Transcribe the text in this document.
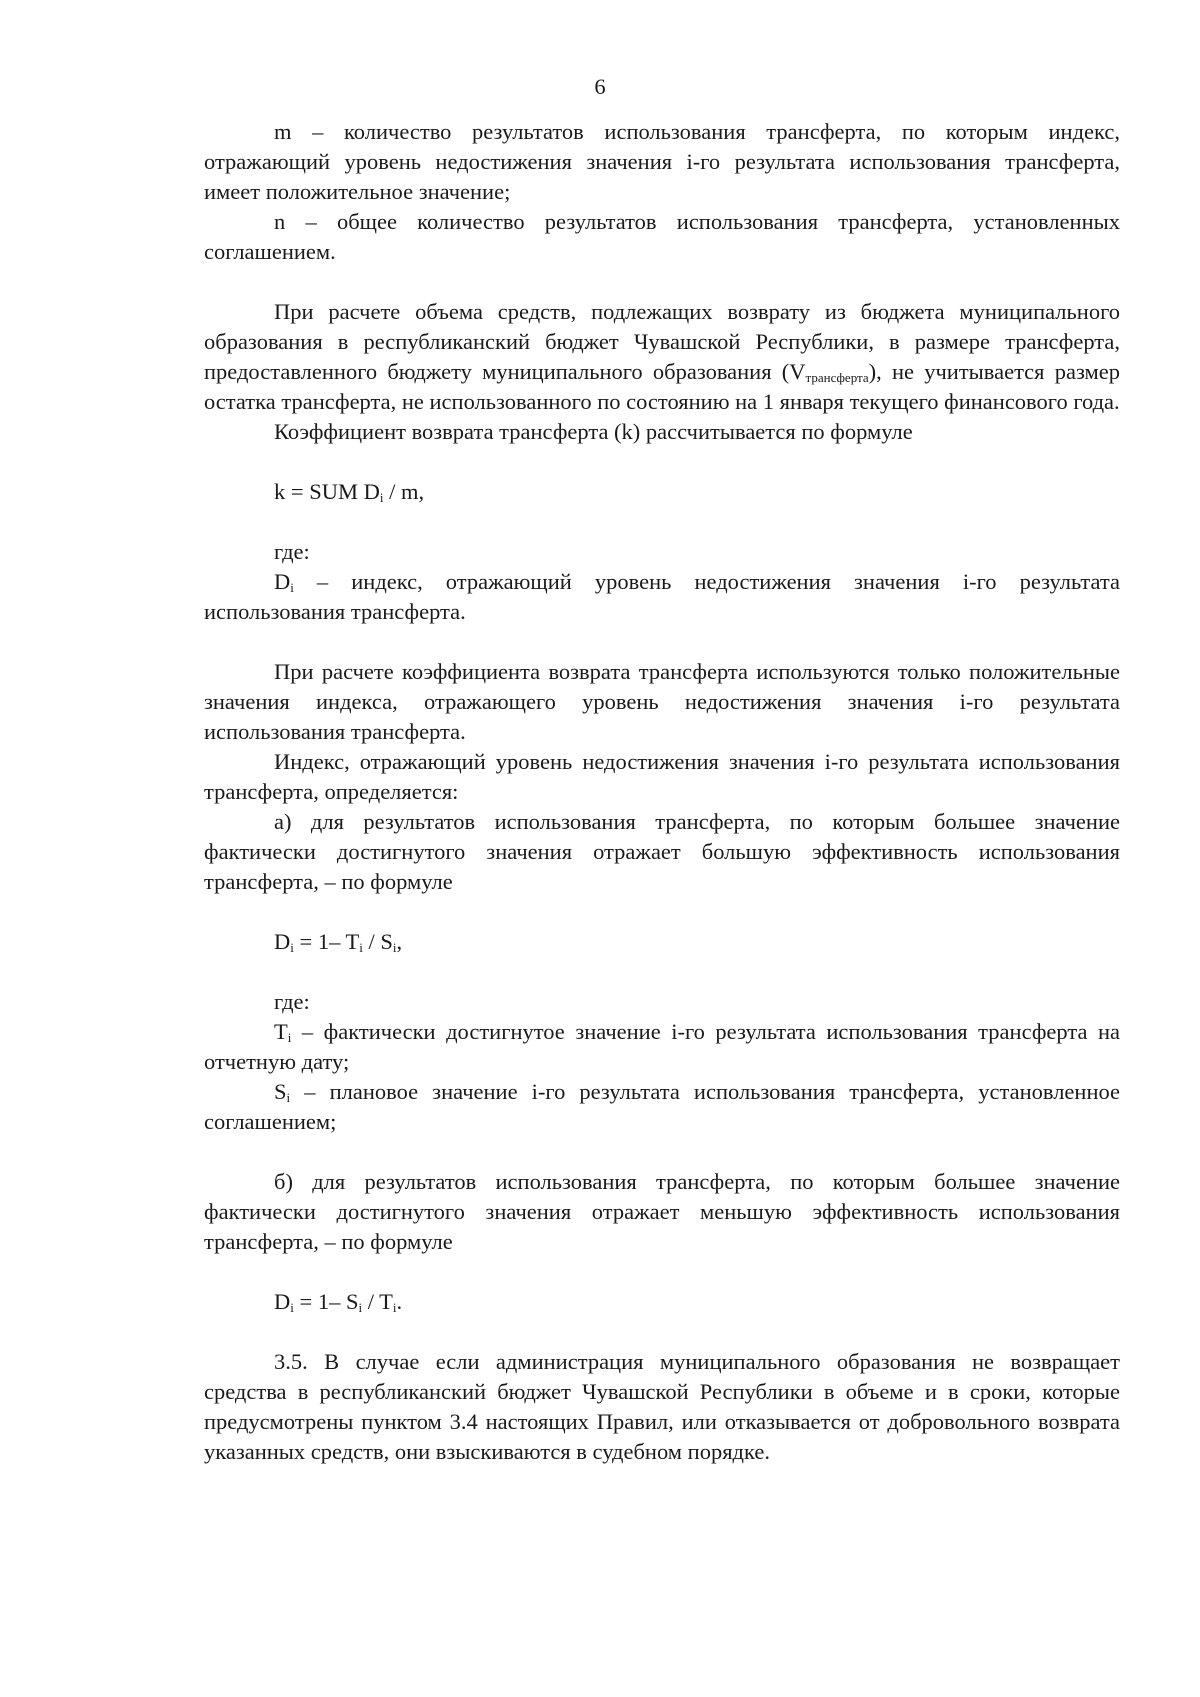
6

m – количество результатов использования трансферта, по которым индекс, отражающий уровень недостижения значения i-го результата использования трансферта, имеет положительное значение;

n – общее количество результатов использования трансферта, установленных соглашением.

При расчете объема средств, подлежащих возврату из бюджета муниципального образования в республиканский бюджет Чувашской Республики, в размере трансферта, предоставленного бюджету муниципального образования $(V_{трансферта})$, не учитывается размер остатка трансферта, не использованного по состоянию на 1 января текущего финансового года.

Коэффициент возврата трансферта (k) рассчитывается по формуле

k = SUM $D_i$ / m,

где:

$D_i$ – индекс, отражающий уровень недостижения значения i-го результата использования трансферта.

При расчете коэффициента возврата трансферта используются только положительные значения индекса, отражающего уровень недостижения значения i-го результата использования трансферта.

Индекс, отражающий уровень недостижения значения i-го результата использования трансферта, определяется:

а) для результатов использования трансферта, по которым большее значение фактически достигнутого значения отражает большую эффективность использования трансферта, – по формуле

$D_i = 1-$ $T_i / S_i$,

где:

$T_i$ – фактически достигнутое значение i-го результата использования трансферта на отчетную дату;

$S_i$ – плановое значение i-го результата использования трансферта, установленное соглашением;

б) для результатов использования трансферта, по которым большее значение фактически достигнутого значения отражает меньшую эффективность использования трансферта, – по формуле

$D_i = 1-$ $S_i / T_i$.

3.5. В случае если администрация муниципального образования не возвращает средства в республиканский бюджет Чувашской Республики в объеме и в сроки, которые предусмотрены пунктом 3.4 настоящих Правил, или отказывается от добровольного возврата указанных средств, они взыскиваются в судебном порядке.
